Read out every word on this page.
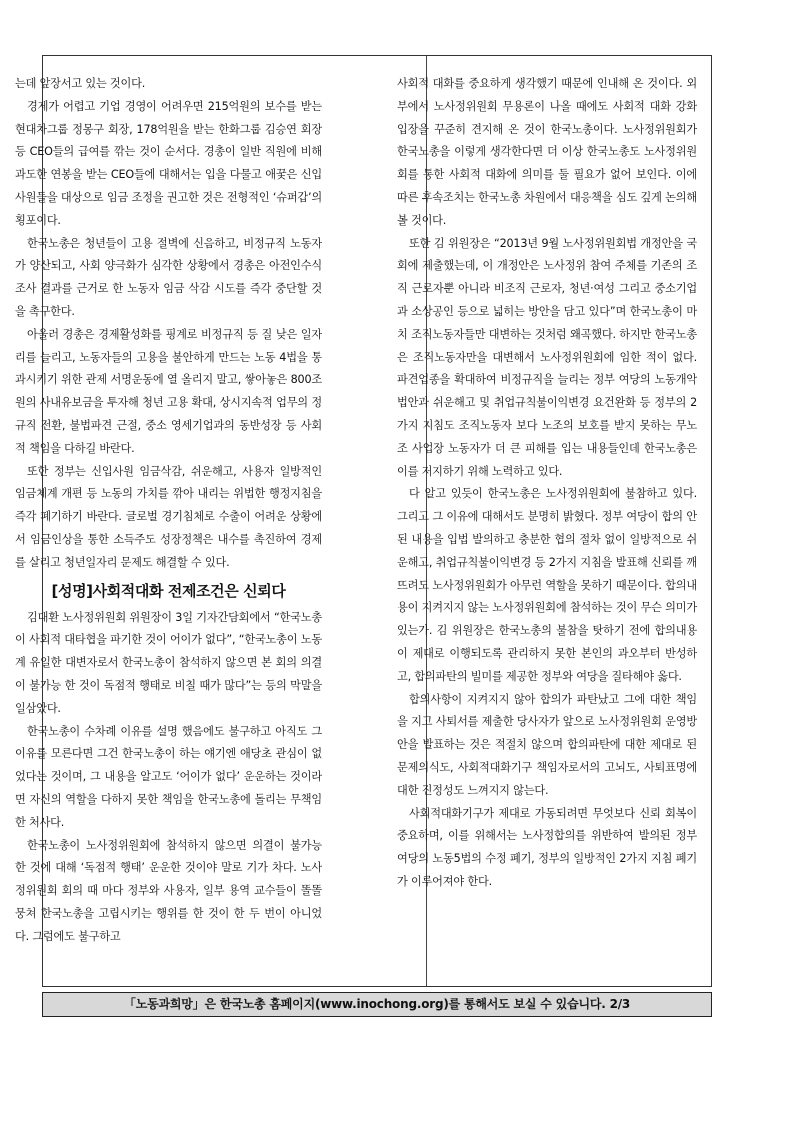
는데 앞장서고 있는 것이다.

경제가 어렵고 기업 경영이 어려우면 215억원의 보수를 받는 현대차그룹 정몽구 회장, 178억원을 받는 한화그룹 김승연 회장 등 CEO들의 급여를 깎는 것이 순서다. 경총이 일반 직원에 비해 과도한 연봉을 받는 CEO들에 대해서는 입을 다물고 애꿎은 신입 사원들을 대상으로 임금 조정을 권고한 것은 전형적인 ‘슈퍼갑’의 횡포이다.

한국노총은 청년들이 고용 절벽에 신음하고, 비정규직 노동자가 양산되고, 사회 양극화가 심각한 상황에서 경총은 아전인수식 조사 결과를 근거로 한 노동자 임금 삭감 시도를 즉각 중단할 것을 촉구한다.

아울러 경총은 경제활성화를 핑계로 비정규직 등 질 낮은 일자리를 늘리고, 노동자들의 고용을 불안하게 만드는 노동 4법을 통과시키기 위한 관제 서명운동에 열 올리지 말고, 쌓아놓은 800조원의 사내유보금을 투자해 청년 고용 확대, 상시지속적 업무의 정규직 전환, 불법파견 근절, 중소 영세기업과의 동반성장 등 사회적 책임을 다하길 바란다.

또한 정부는 신입사원 임금삭감, 쉬운해고, 사용자 일방적인 임금체계 개편 등 노동의 가치를 깎아 내리는 위법한 행정지침을 즉각 폐기하기 바란다. 글로벌 경기침체로 수출이 어려운 상황에서 임금인상을 통한 소득주도 성장정책은 내수를 촉진하여 경제를 살리고 청년일자리 문제도 해결할 수 있다.

[성명]사회적대화 전제조건은 신뢰다

김대환 노사정위원회 위원장이 3일 기자간담회에서 “한국노총이 사회적 대타협을 파기한 것이 어이가 없다”, “한국노총이 노동계 유일한 대변자로서 한국노총이 참석하지 않으면 본 회의 의결이 불가능 한 것이 독점적 행태로 비칠 때가 많다”는 등의 막말을 일삼았다.

한국노총이 수차례 이유를 설명 했음에도 불구하고 아직도 그 이유를 모른다면 그건 한국노총이 하는 얘기엔 애당초 관심이 없었다는 것이며, 그 내용을 알고도 ‘어이가 없다’ 운운하는 것이라면 자신의 역할을 다하지 못한 책임을 한국노총에 돌리는 무책임한 처사다.

한국노총이 노사정위원회에 참석하지 않으면 의결이 불가능 한 것에 대해 ‘독점적 행태’ 운운한 것이야 말로 기가 차다. 노사정위원회 회의 때 마다 정부와 사용자, 일부 용역 교수들이 똘똘 뭉쳐 한국노총을 고립시키는 행위를 한 것이 한 두 번이 아니었다. 그럼에도 불구하고

사회적 대화를 중요하게 생각했기 때문에 인내해 온 것이다. 외부에서 노사정위원회 무용론이 나올 때에도 사회적 대화 강화 입장을 꾸준히 견지해 온 것이 한국노총이다. 노사정위원회가 한국노총을 이렇게 생각한다면 더 이상 한국노총도 노사정위원회를 통한 사회적 대화에 의미를 둘 필요가 없어 보인다. 이에 따른 후속조치는 한국노총 차원에서 대응책을 심도 깊게 논의해 볼 것이다.

또한 김 위원장은 “2013년 9월 노사정위원회법 개정안을 국회에 제출했는데, 이 개정안은 노사정위 참여 주체를 기존의 조직 근로자뿐 아니라 비조직 근로자, 청년·여성 그리고 중소기업과 소상공인 등으로 넓히는 방안을 담고 있다”며 한국노총이 마치 조직노동자들만 대변하는 것처럼 왜곡했다. 하지만 한국노총은 조직노동자만을 대변해서 노사정위원회에 임한 적이 없다. 파견업종을 확대하여 비정규직을 늘리는 정부 여당의 노동개악법안과 쉬운해고 및 취업규칙불이익변경 요건완화 등 정부의 2가지 지침도 조직노동자 보다 노조의 보호를 받지 못하는 무노조 사업장 노동자가 더 큰 피해를 입는 내용들인데 한국노총은 이를 저지하기 위해 노력하고 있다.

다 알고 있듯이 한국노총은 노사정위원회에 불참하고 있다. 그리고 그 이유에 대해서도 분명히 밝혔다. 정부 여당이 합의 안된 내용을 입법 발의하고 충분한 협의 절차 없이 일방적으로 쉬운해고, 취업규칙불이익변경 등 2가지 지침을 발표해 신뢰를 깨뜨려도 노사정위원회가 아무런 역할을 못하기 때문이다. 합의내용이 지켜지지 않는 노사정위원회에 참석하는 것이 무슨 의미가 있는가. 김 위원장은 한국노총의 불참을 탓하기 전에 합의내용이 제대로 이행되도록 관리하지 못한 본인의 과오부터 반성하고, 합의파탄의 빌미를 제공한 정부와 여당을 질타해야 옳다.

합의사항이 지켜지지 않아 합의가 파탄났고 그에 대한 책임을 지고 사퇴서를 제출한 당사자가 앞으로 노사정위원회 운영방안을 발표하는 것은 적절치 않으며 합의파탄에 대한 제대로 된 문제의식도, 사회적대화기구 책임자로서의 고뇌도, 사퇴표명에 대한 진정성도 느껴지지 않는다.

사회적대화기구가 제대로 가동되려면 무엇보다 신뢰 회복이 중요하며, 이를 위해서는 노사정합의를 위반하여 발의된 정부 여당의 노동5법의 수정 폐기, 정부의 일방적인 2가지 지침 폐기가 이루어져야 한다.

「노동과희망」은 한국노총 홈페이지(www.inochong.org)를 통해서도 보실 수 있습니다. 2/3
